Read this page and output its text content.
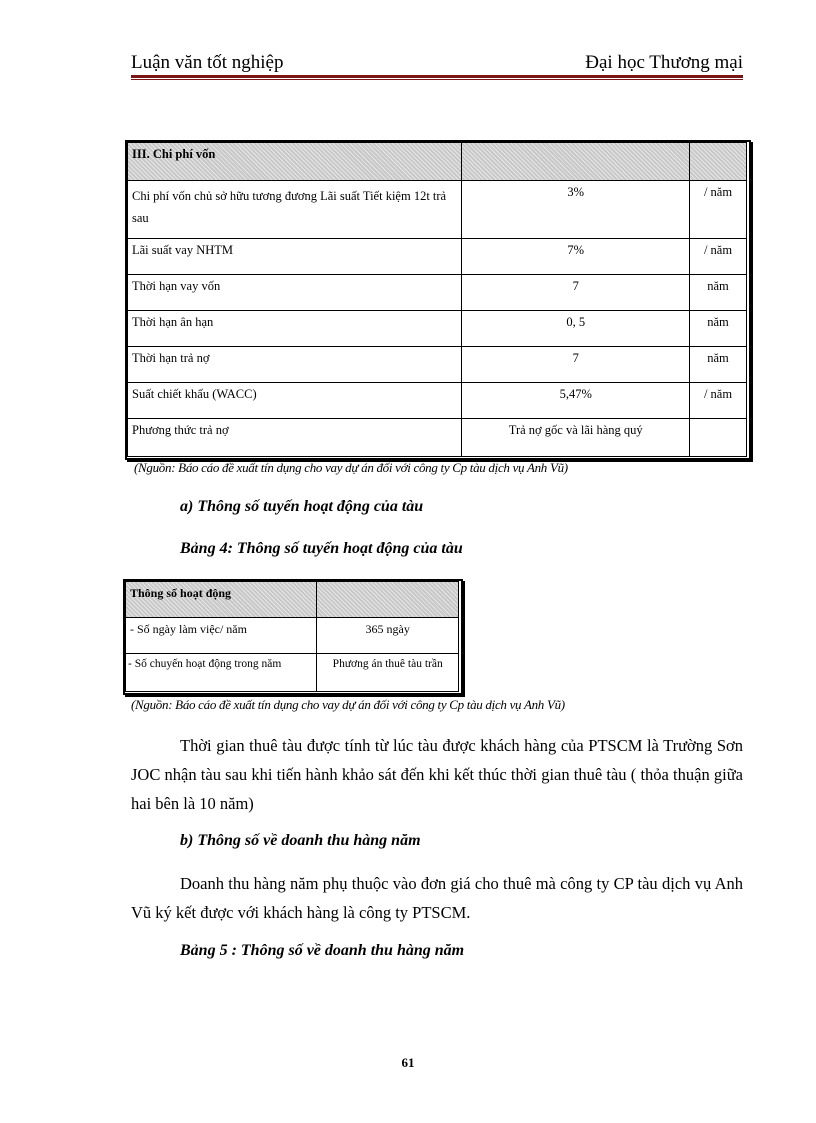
Luận văn tốt nghiệp	Đại học Thương mại
III. Chi phí vốn		
Chi phí vốn chủ sở hữu tương đương Lãi suất Tiết kiệm 12t trả sau	3%	/ năm
Lãi suất vay NHTM	7%	/ năm
Thời hạn vay vốn	7	năm
Thời hạn ân hạn	0, 5	năm
Thời hạn trả nợ	7	năm
Suất chiết khấu (WACC)	5,47%	/ năm
Phương thức trả nợ	Trả nợ gốc và lãi hàng quý	
(Nguồn: Báo cáo đề xuất tín dụng cho vay dự án đối với công ty Cp tàu dịch vụ Anh Vũ)
a) Thông số tuyến hoạt động của tàu
Bảng 4: Thông số tuyến hoạt động của tàu
Thông số hoạt động	
- Số ngày làm việc/ năm	365 ngày
- Số chuyến hoạt động trong năm	Phương án thuê tàu trần
(Nguồn: Báo cáo đề xuất tín dụng cho vay dự án đối với công ty Cp tàu dịch vụ Anh Vũ)
Thời gian thuê tàu được tính từ lúc tàu được khách hàng của PTSCM là Trường Sơn JOC nhận tàu sau khi tiến hành khảo sát đến khi kết thúc thời gian thuê tàu ( thỏa thuận giữa hai bên là 10 năm)
b) Thông số về doanh thu hàng năm
Doanh thu hàng năm phụ thuộc vào đơn giá cho thuê mà công ty CP tàu dịch vụ Anh Vũ ký kết được với khách hàng là công ty PTSCM.
Bảng 5 : Thông số về doanh thu hàng năm
61
